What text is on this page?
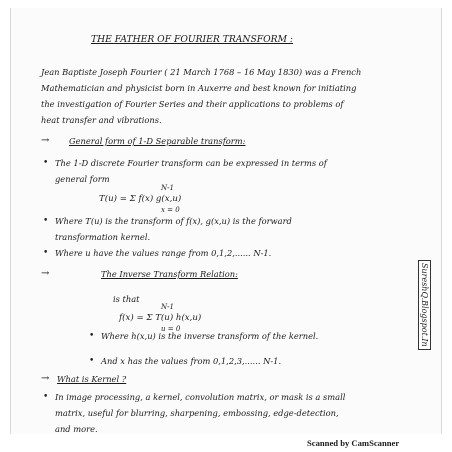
THE FATHER OF FOURIER TRANSFORM :
Jean Baptiste Joseph Fourier ( 21 March 1768 – 16 May 1830) was a French
Mathematician and physicist born in Auxerre and best known for initiating
the investigation of Fourier Series and their applications to problems of
heat transfer and vibrations.
→ General form of 1-D Separable transform:
• The 1-D discrete Fourier transform can be expressed in terms of
general form
N-1
T(u) = Σ f(x) g(x,u)
x = 0
• Where T(u) is the transform of f(x), g(x,u) is the forward
transformation kernel.
• Where u have the values range from 0,1,2,...... N-1.
→	The Inverse Transform Relation:
is that
N-1
f(x) = Σ T(u) h(x,u)
u = 0
• Where h(x,u) is the inverse transform of the kernel.
• And x has the values from 0,1,2,3,...... N-1.
→ What is Kernel ?
• In image processing, a kernel, convolution matrix, or mask is a small
matrix, useful for blurring, sharpening, embossing, edge-detection,
and more.
SureshQ.Blogspot.In
Scanned by CamScanner
